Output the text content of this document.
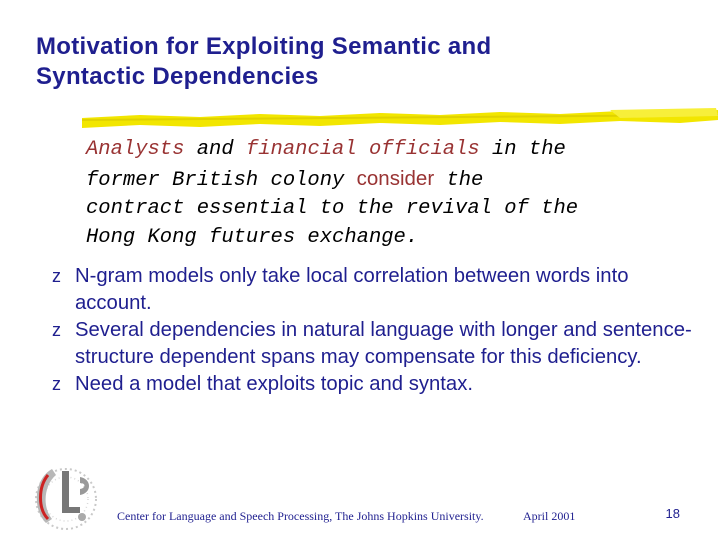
Motivation for Exploiting Semantic and
Syntactic Dependencies
Analysts and financial officials in the
former British colony consider the
contract essential to the revival of the
Hong Kong futures exchange.
z N-gram models only take local correlation between words into account.
z Several dependencies in natural language with longer and sentence-structure dependent spans may compensate for this deficiency.
z Need a model that exploits topic and syntax.
Center for Language and Speech Processing, The Johns Hopkins University.	April 2001	18
